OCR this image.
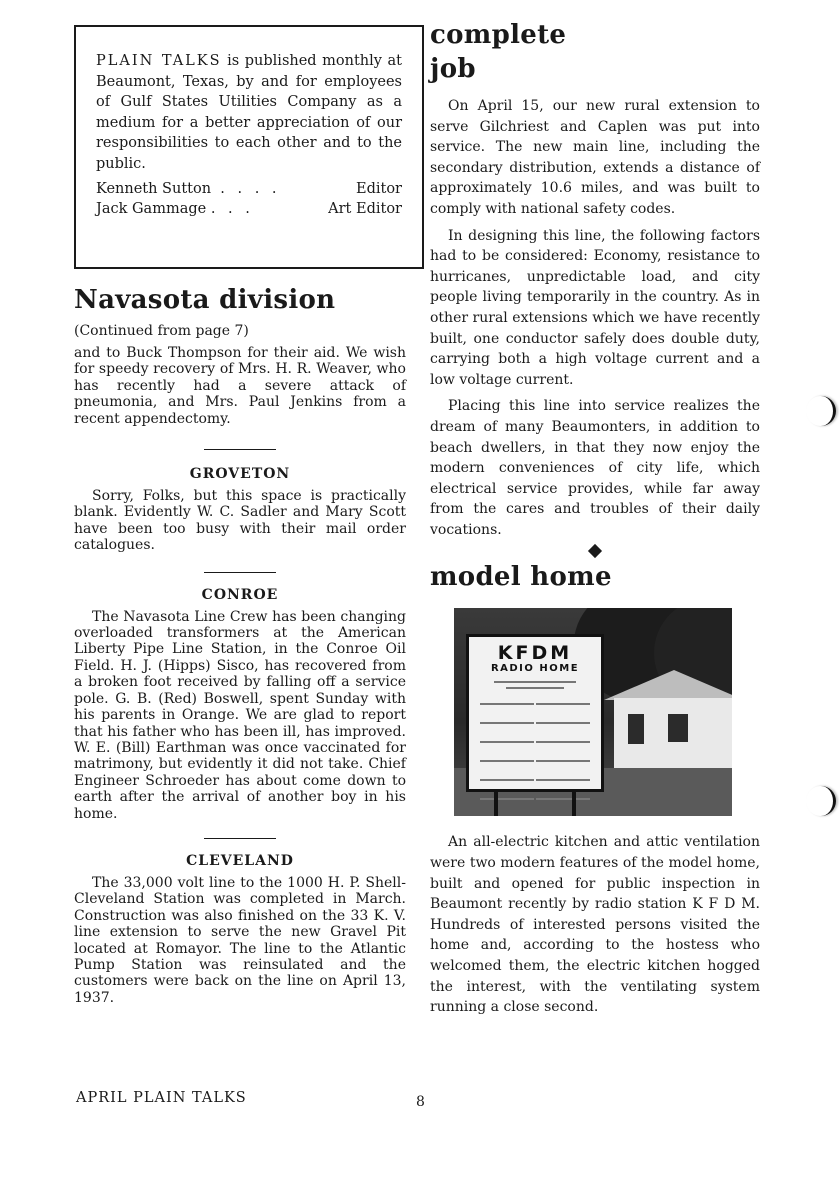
PLAIN TALKS is published monthly at Beaumont, Texas, by and for employees of Gulf States Utilities Company as a medium for a better appreciation of our responsibilities to each other and to the public.

Kenneth Sutton . . . .	Editor
Jack Gammage . . .	Art Editor
Navasota division

(Continued from page 7)

and to Buck Thompson for their aid. We wish for speedy recovery of Mrs. H. R. Weaver, who has recently had a severe attack of pneumonia, and Mrs. Paul Jenkins from a recent appendectomy.

GROVETON

Sorry, Folks, but this space is practically blank. Evidently W. C. Sadler and Mary Scott have been too busy with their mail order catalogues.

CONROE

The Navasota Line Crew has been changing overloaded transformers at the American Liberty Pipe Line Station, in the Conroe Oil Field. H. J. (Hipps) Sisco, has recovered from a broken foot received by falling off a service pole. G. B. (Red) Boswell, spent Sunday with his parents in Orange. We are glad to report that his father who has been ill, has improved. W. E. (Bill) Earthman was once vaccinated for matrimony, but evidently it did not take. Chief Engineer Schroeder has about come down to earth after the arrival of another boy in his home.

CLEVELAND

The 33,000 volt line to the 1000 H. P. Shell-Cleveland Station was completed in March. Construction was also finished on the 33 K. V. line extension to serve the new Gravel Pit located at Romayor. The line to the Atlantic Pump Station was reinsulated and the customers were back on the line on April 13, 1937.

complete
job

On April 15, our new rural extension to serve Gilchriest and Caplen was put into service. The new main line, including the secondary distribution, extends a distance of approximately 10.6 miles, and was built to comply with national safety codes.

In designing this line, the following factors had to be considered: Economy, resistance to hurricanes, unpredictable load, and city people living temporarily in the country. As in other rural extensions which we have recently built, one conductor safely does double duty, carrying both a high voltage current and a low voltage current.

Placing this line into service realizes the dream of many Beaumonters, in addition to beach dwellers, in that they now enjoy the modern conveniences of city life, which electrical service provides, while far away from the cares and troubles of their daily vocations.

model home
KFDM
RADIO HOME

An all-electric kitchen and attic ventilation were two modern features of the model home, built and opened for public inspection in Beaumont recently by radio station K F D M. Hundreds of interested persons visited the home and, according to the hostess who welcomed them, the electric kitchen hogged the interest, with the ventilating system running a close second.

APRIL PLAIN TALKS	8
